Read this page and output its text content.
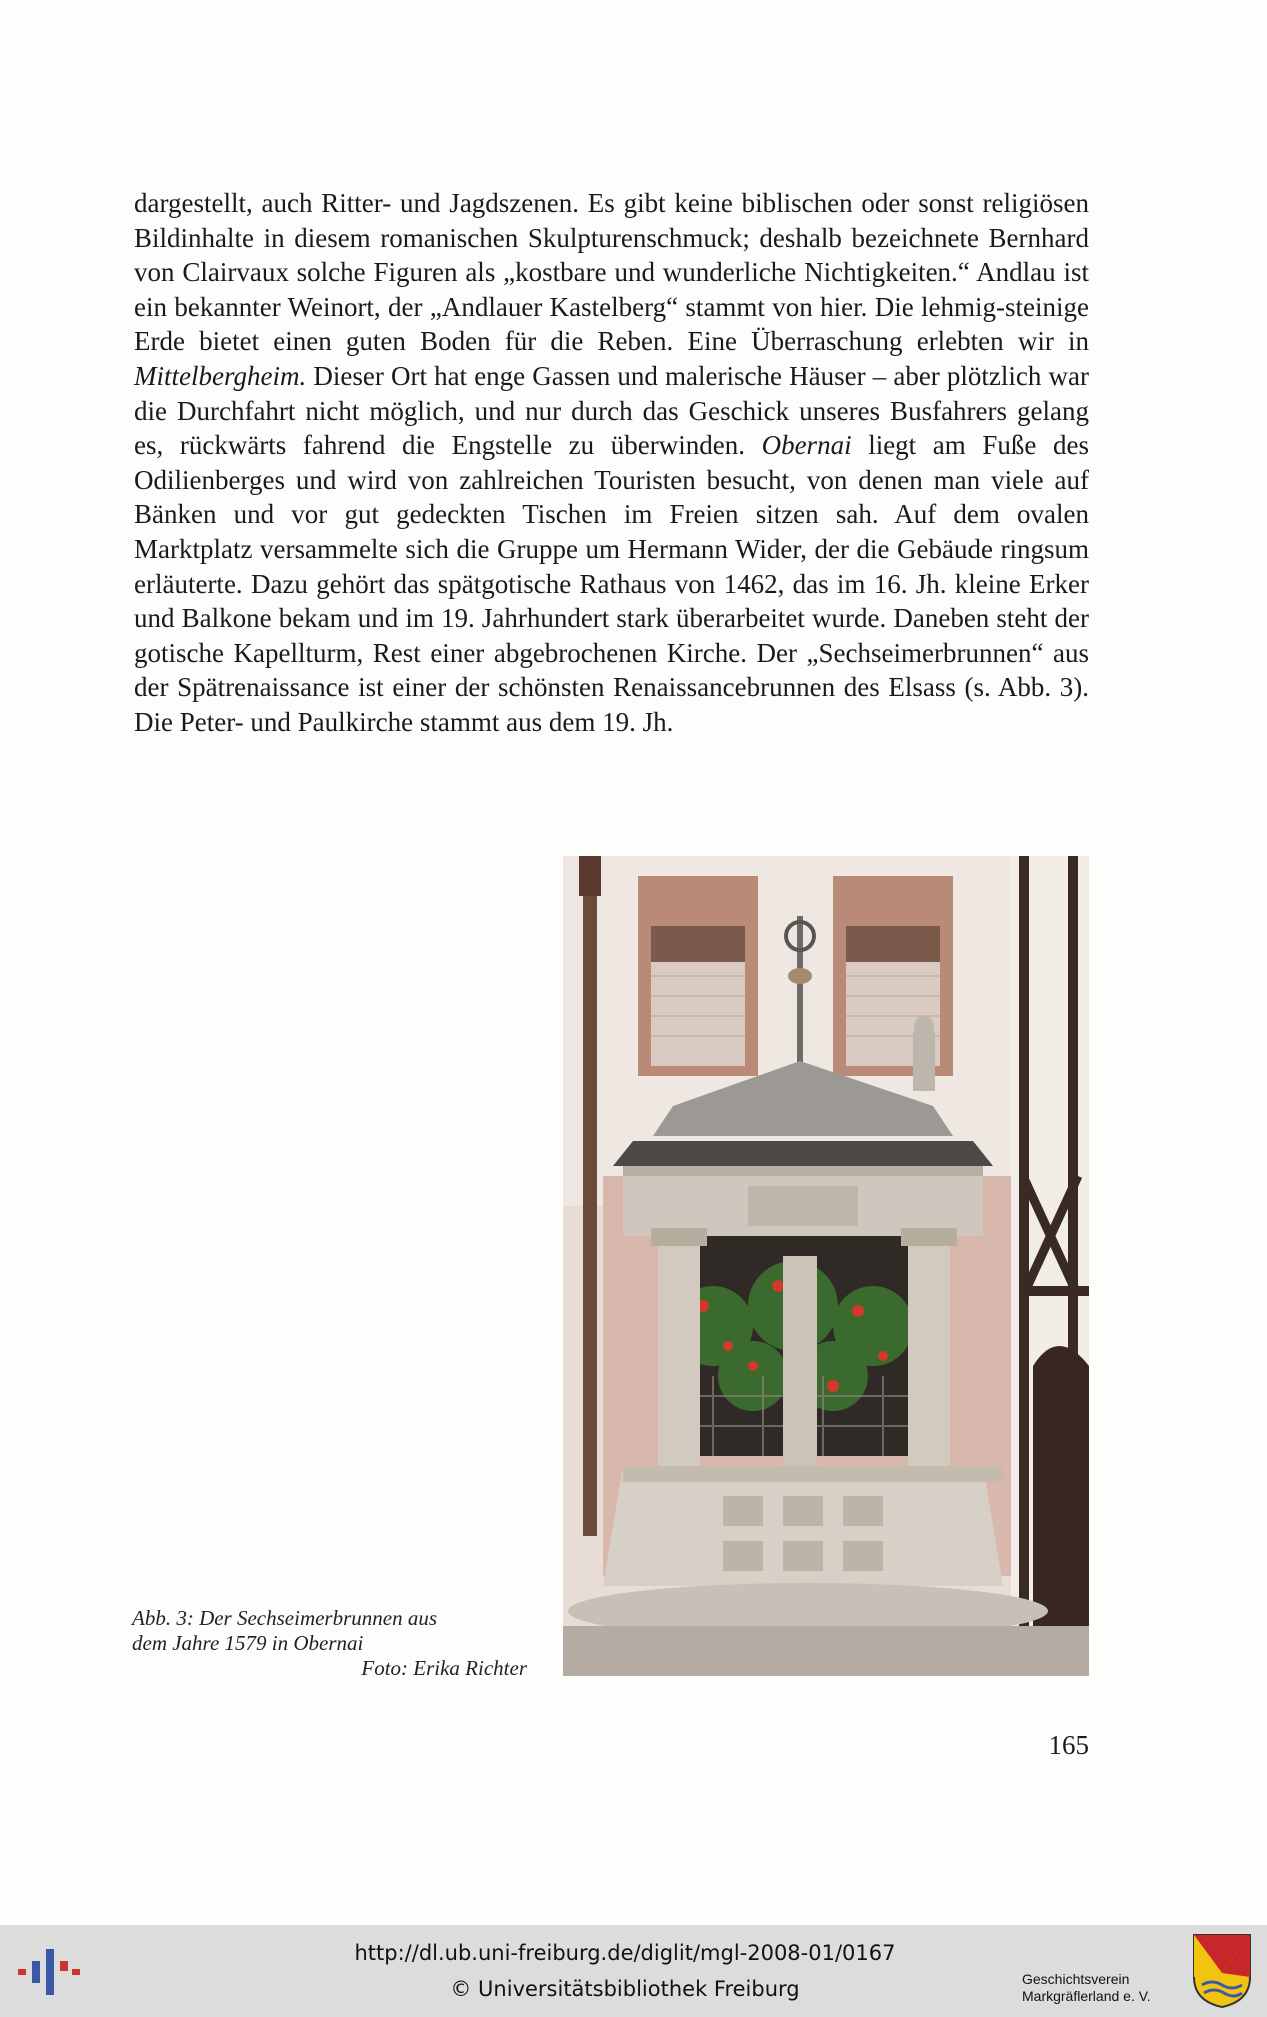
dargestellt, auch Ritter- und Jagdszenen. Es gibt keine biblischen oder sonst religiösen Bildinhalte in diesem romanischen Skulpturenschmuck; deshalb bezeichnete Bernhard von Clairvaux solche Figuren als „kostbare und wunderliche Nichtigkeiten.“ Andlau ist ein bekannter Weinort, der „Andlauer Kastelberg“ stammt von hier. Die lehmig-steinige Erde bietet einen guten Boden für die Reben. Eine Überraschung erlebten wir in Mittelbergheim. Dieser Ort hat enge Gassen und malerische Häuser – aber plötzlich war die Durchfahrt nicht möglich, und nur durch das Geschick unseres Busfahrers gelang es, rückwärts fahrend die Engstelle zu überwinden. Obernai liegt am Fuße des Odilienberges und wird von zahlreichen Touristen besucht, von denen man viele auf Bänken und vor gut gedeckten Tischen im Freien sitzen sah. Auf dem ovalen Marktplatz versammelte sich die Gruppe um Hermann Wider, der die Gebäude ringsum erläuterte. Dazu gehört das spätgotische Rathaus von 1462, das im 16. Jh. kleine Erker und Balkone bekam und im 19. Jahrhundert stark überarbeitet wurde. Daneben steht der gotische Kapellturm, Rest einer abgebrochenen Kirche. Der „Sechseimerbrunnen“ aus der Spätrenaissance ist einer der schönsten Renaissancebrunnen des Elsass (s. Abb. 3). Die Peter- und Paulkirche stammt aus dem 19. Jh.

Abb. 3: Der Sechseimerbrunnen aus
dem Jahre 1579 in Obernai
Foto: Erika Richter
165
http://dl.ub.uni-freiburg.de/diglit/mgl-2008-01/0167
© Universitätsbibliothek Freiburg	Geschichtsverein
Markgräflerland e. V.
